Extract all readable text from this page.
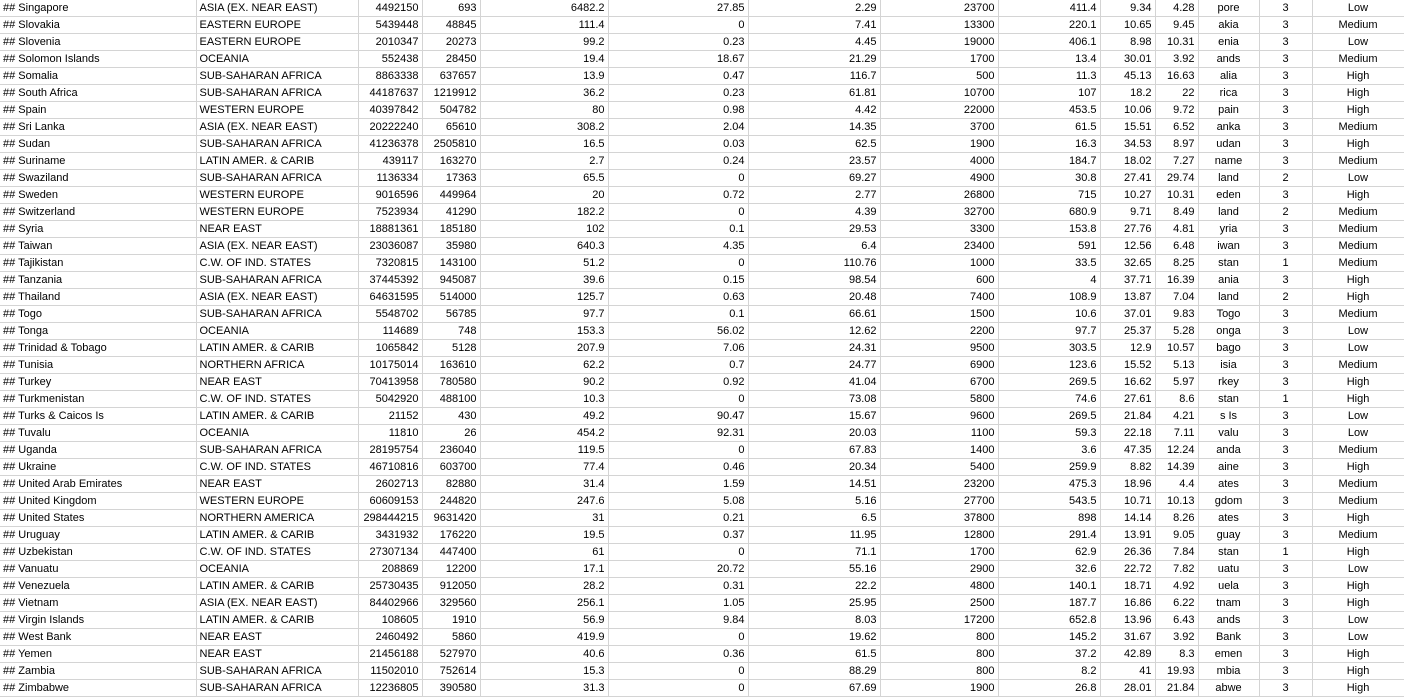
## Singapore	ASIA (EX. NEAR EAST)	4492150	693	6482.2	27.85	2.29	23700	411.4	9.34	4.28	pore	3	Low
## Slovakia	EASTERN EUROPE	5439448	48845	111.4	0	7.41	13300	220.1	10.65	9.45	akia	3	Medium
## Slovenia	EASTERN EUROPE	2010347	20273	99.2	0.23	4.45	19000	406.1	8.98	10.31	enia	3	Low
## Solomon Islands	OCEANIA	552438	28450	19.4	18.67	21.29	1700	13.4	30.01	3.92	ands	3	Medium
## Somalia	SUB-SAHARAN AFRICA	8863338	637657	13.9	0.47	116.7	500	11.3	45.13	16.63	alia	3	High
## South Africa	SUB-SAHARAN AFRICA	44187637	1219912	36.2	0.23	61.81	10700	107	18.2	22	rica	3	High
## Spain	WESTERN EUROPE	40397842	504782	80	0.98	4.42	22000	453.5	10.06	9.72	pain	3	High
## Sri Lanka	ASIA (EX. NEAR EAST)	20222240	65610	308.2	2.04	14.35	3700	61.5	15.51	6.52	anka	3	Medium
## Sudan	SUB-SAHARAN AFRICA	41236378	2505810	16.5	0.03	62.5	1900	16.3	34.53	8.97	udan	3	High
## Suriname	LATIN AMER. & CARIB	439117	163270	2.7	0.24	23.57	4000	184.7	18.02	7.27	name	3	Medium
## Swaziland	SUB-SAHARAN AFRICA	1136334	17363	65.5	0	69.27	4900	30.8	27.41	29.74	land	2	Low
## Sweden	WESTERN EUROPE	9016596	449964	20	0.72	2.77	26800	715	10.27	10.31	eden	3	High
## Switzerland	WESTERN EUROPE	7523934	41290	182.2	0	4.39	32700	680.9	9.71	8.49	land	2	Medium
## Syria	NEAR EAST	18881361	185180	102	0.1	29.53	3300	153.8	27.76	4.81	yria	3	Medium
## Taiwan	ASIA (EX. NEAR EAST)	23036087	35980	640.3	4.35	6.4	23400	591	12.56	6.48	iwan	3	Medium
## Tajikistan	C.W. OF IND. STATES	7320815	143100	51.2	0	110.76	1000	33.5	32.65	8.25	stan	1	Medium
## Tanzania	SUB-SAHARAN AFRICA	37445392	945087	39.6	0.15	98.54	600	4	37.71	16.39	ania	3	High
## Thailand	ASIA (EX. NEAR EAST)	64631595	514000	125.7	0.63	20.48	7400	108.9	13.87	7.04	land	2	High
## Togo	SUB-SAHARAN AFRICA	5548702	56785	97.7	0.1	66.61	1500	10.6	37.01	9.83	Togo	3	Medium
## Tonga	OCEANIA	114689	748	153.3	56.02	12.62	2200	97.7	25.37	5.28	onga	3	Low
## Trinidad & Tobago	LATIN AMER. & CARIB	1065842	5128	207.9	7.06	24.31	9500	303.5	12.9	10.57	bago	3	Low
## Tunisia	NORTHERN AFRICA	10175014	163610	62.2	0.7	24.77	6900	123.6	15.52	5.13	isia	3	Medium
## Turkey	NEAR EAST	70413958	780580	90.2	0.92	41.04	6700	269.5	16.62	5.97	rkey	3	High
## Turkmenistan	C.W. OF IND. STATES	5042920	488100	10.3	0	73.08	5800	74.6	27.61	8.6	stan	1	High
## Turks & Caicos Is	LATIN AMER. & CARIB	21152	430	49.2	90.47	15.67	9600	269.5	21.84	4.21	s Is	3	Low
## Tuvalu	OCEANIA	11810	26	454.2	92.31	20.03	1100	59.3	22.18	7.11	valu	3	Low
## Uganda	SUB-SAHARAN AFRICA	28195754	236040	119.5	0	67.83	1400	3.6	47.35	12.24	anda	3	Medium
## Ukraine	C.W. OF IND. STATES	46710816	603700	77.4	0.46	20.34	5400	259.9	8.82	14.39	aine	3	High
## United Arab Emirates	NEAR EAST	2602713	82880	31.4	1.59	14.51	23200	475.3	18.96	4.4	ates	3	Medium
## United Kingdom	WESTERN EUROPE	60609153	244820	247.6	5.08	5.16	27700	543.5	10.71	10.13	gdom	3	Medium
## United States	NORTHERN AMERICA	298444215	9631420	31	0.21	6.5	37800	898	14.14	8.26	ates	3	High
## Uruguay	LATIN AMER. & CARIB	3431932	176220	19.5	0.37	11.95	12800	291.4	13.91	9.05	guay	3	Medium
## Uzbekistan	C.W. OF IND. STATES	27307134	447400	61	0	71.1	1700	62.9	26.36	7.84	stan	1	High
## Vanuatu	OCEANIA	208869	12200	17.1	20.72	55.16	2900	32.6	22.72	7.82	uatu	3	Low
## Venezuela	LATIN AMER. & CARIB	25730435	912050	28.2	0.31	22.2	4800	140.1	18.71	4.92	uela	3	High
## Vietnam	ASIA (EX. NEAR EAST)	84402966	329560	256.1	1.05	25.95	2500	187.7	16.86	6.22	tnam	3	High
## Virgin Islands	LATIN AMER. & CARIB	108605	1910	56.9	9.84	8.03	17200	652.8	13.96	6.43	ands	3	Low
## West Bank	NEAR EAST	2460492	5860	419.9	0	19.62	800	145.2	31.67	3.92	Bank	3	Low
## Yemen	NEAR EAST	21456188	527970	40.6	0.36	61.5	800	37.2	42.89	8.3	emen	3	High
## Zambia	SUB-SAHARAN AFRICA	11502010	752614	15.3	0	88.29	800	8.2	41	19.93	mbia	3	High
## Zimbabwe	SUB-SAHARAN AFRICA	12236805	390580	31.3	0	67.69	1900	26.8	28.01	21.84	abwe	3	High
